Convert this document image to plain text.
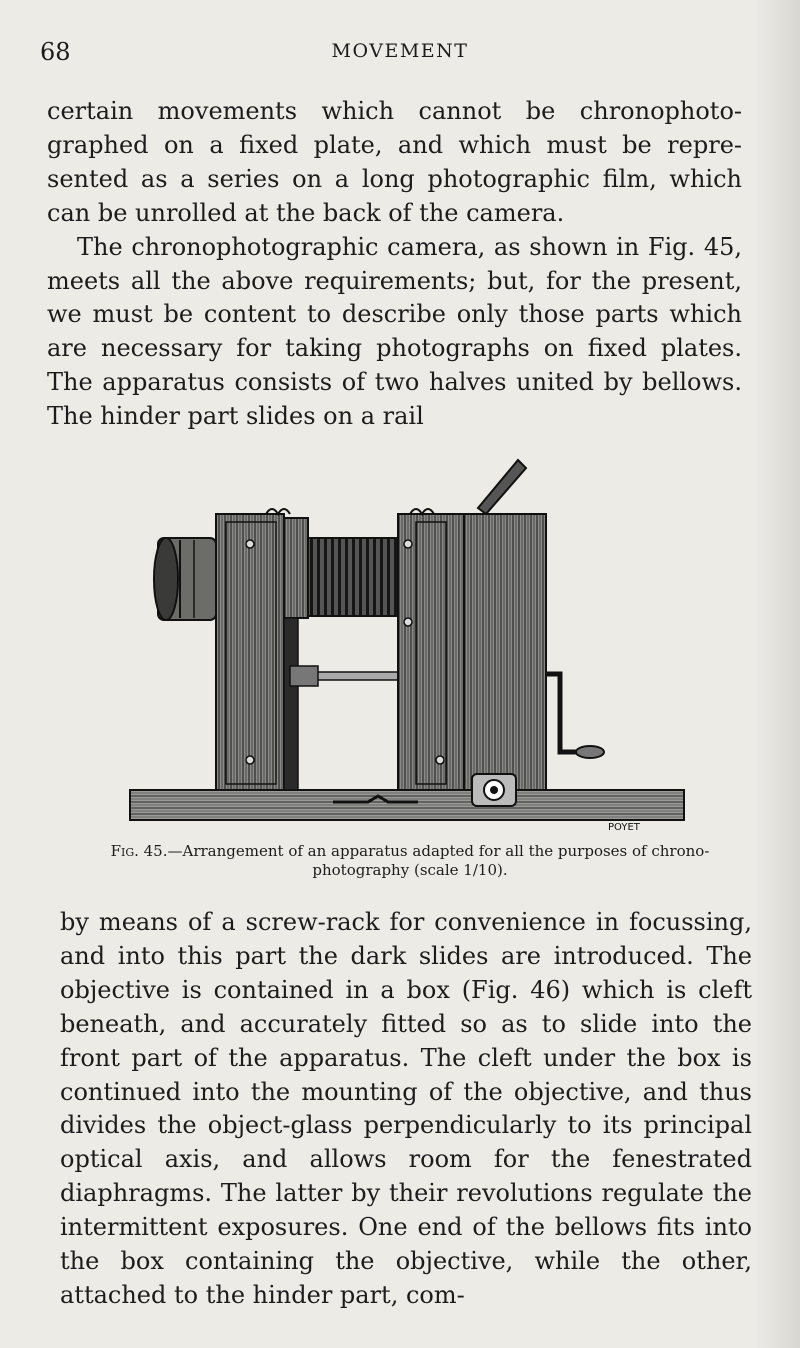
68	MOVEMENT

certain movements which cannot be chronophotographed on a fixed plate, and which must be represented as a series on a long photographic film, which can be unrolled at the back of the camera.

The chronophotographic camera, as shown in Fig. 45, meets all the above requirements; but, for the present, we must be content to describe only those parts which are necessary for taking photographs on fixed plates. The apparatus consists of two halves united by bellows. The hinder part slides on a rail

POYET
Fig. 45.—Arrangement of an apparatus adapted for all the purposes of chronophotography (scale 1/10).

by means of a screw-rack for convenience in focussing, and into this part the dark slides are introduced. The objective is contained in a box (Fig. 46) which is cleft beneath, and accurately fitted so as to slide into the front part of the apparatus. The cleft under the box is continued into the mounting of the objective, and thus divides the object-glass perpendicularly to its principal optical axis, and allows room for the fenestrated diaphragms. The latter by their revolutions regulate the intermittent exposures. One end of the bellows fits into the box containing the objective, while the other, attached to the hinder part, com-
